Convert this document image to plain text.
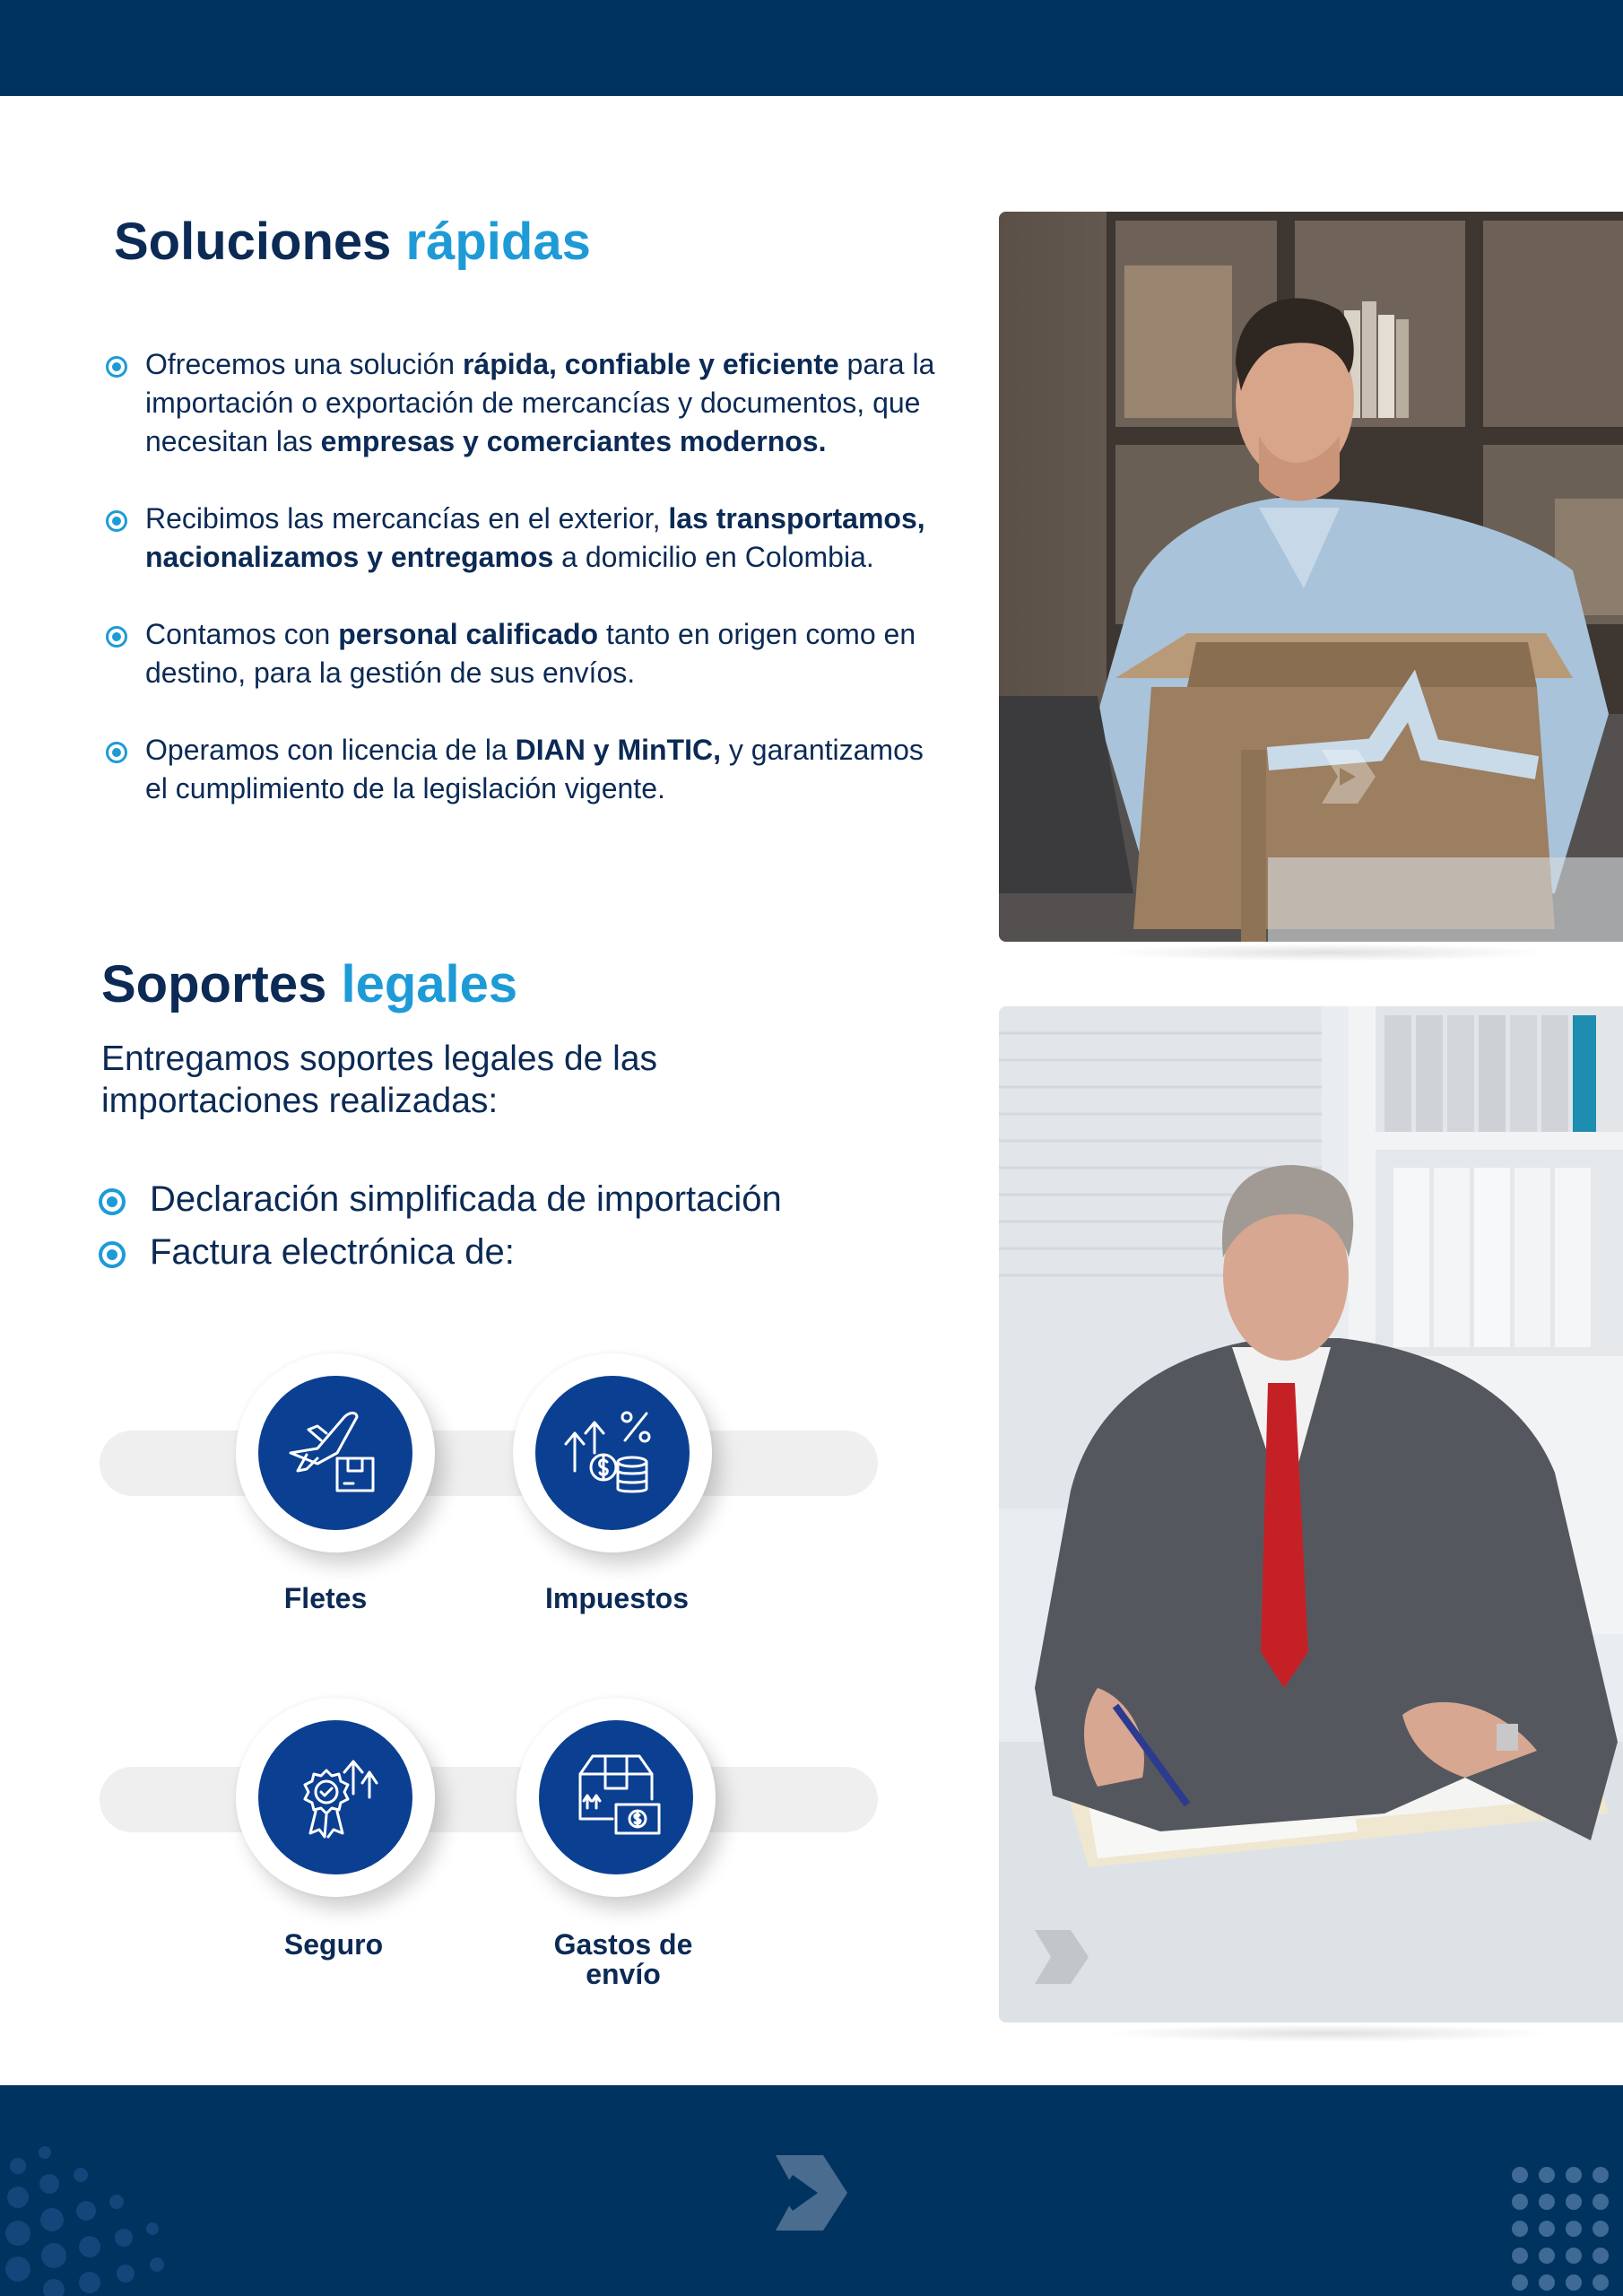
Soluciones rápidas
Ofrecemos una solución rápida, confiable y eficiente para la importación o exportación de mercancías y documentos, que necesitan las empresas y comerciantes modernos.
Recibimos las mercancías en el exterior, las transportamos, nacionalizamos y entregamos a domicilio en Colombia.
Contamos con personal calificado tanto en origen como en destino, para la gestión de sus envíos.
Operamos con licencia de la DIAN y MinTIC, y garantizamos el cumplimiento de la legislación vigente.
Soportes legales
Entregamos soportes legales de las importaciones realizadas:
Declaración simplificada de importación
Factura electrónica de:
Fletes	Impuestos
Seguro	Gastos de envío
